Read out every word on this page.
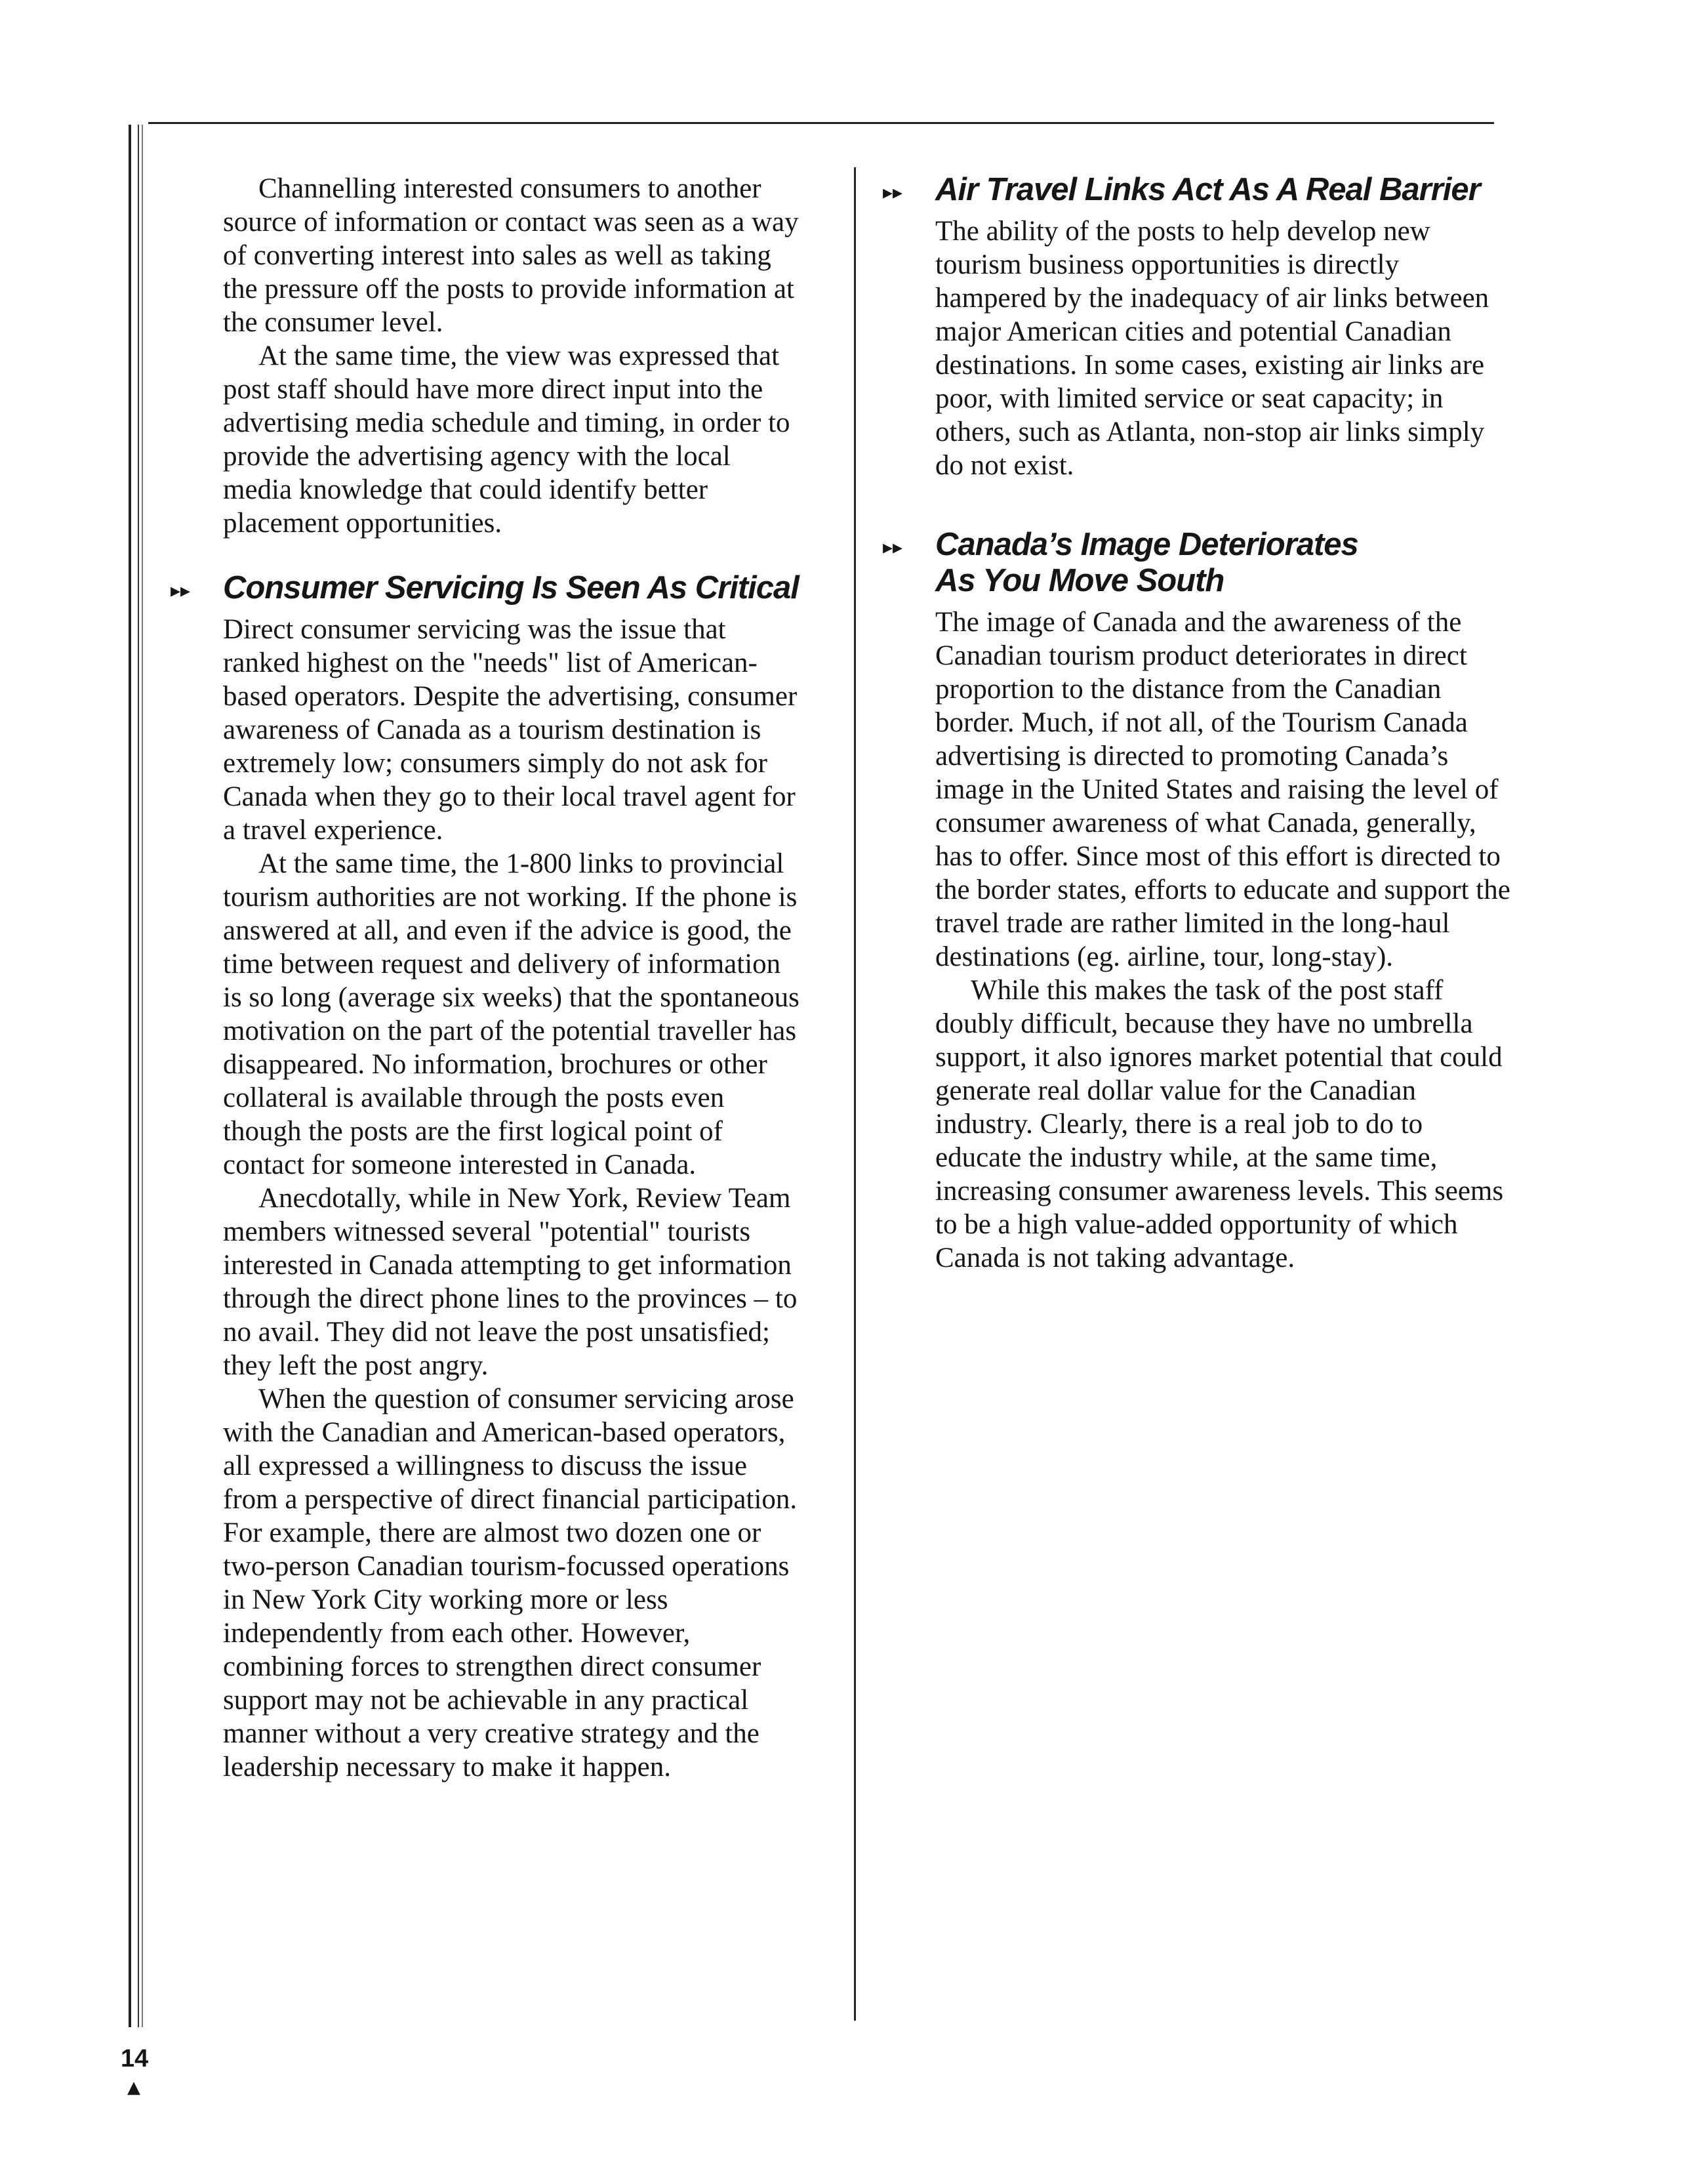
Channelling interested consumers to another source of information or contact was seen as a way of converting interest into sales as well as taking the pressure off the posts to provide information at the consumer level.

At the same time, the view was expressed that post staff should have more direct input into the advertising media schedule and timing, in order to provide the advertising agency with the local media knowledge that could identify better placement opportunities.

▸▸ Consumer Servicing Is Seen As Critical

Direct consumer servicing was the issue that ranked highest on the "needs" list of American-based operators. Despite the advertising, consumer awareness of Canada as a tourism destination is extremely low; consumers simply do not ask for Canada when they go to their local travel agent for a travel experience.

At the same time, the 1-800 links to provincial tourism authorities are not working. If the phone is answered at all, and even if the advice is good, the time between request and delivery of information is so long (average six weeks) that the spontaneous motivation on the part of the potential traveller has disappeared. No information, brochures or other collateral is available through the posts even though the posts are the first logical point of contact for someone interested in Canada.

Anecdotally, while in New York, Review Team members witnessed several "potential" tourists interested in Canada attempting to get information through the direct phone lines to the provinces – to no avail. They did not leave the post unsatisfied; they left the post angry.

When the question of consumer servicing arose with the Canadian and American-based operators, all expressed a willingness to discuss the issue from a perspective of direct financial participation. For example, there are almost two dozen one or two-person Canadian tourism-focussed operations in New York City working more or less independently from each other. However, combining forces to strengthen direct consumer support may not be achievable in any practical manner without a very creative strategy and the leadership necessary to make it happen.

▸▸ Air Travel Links Act As A Real Barrier

The ability of the posts to help develop new tourism business opportunities is directly hampered by the inadequacy of air links between major American cities and potential Canadian destinations. In some cases, existing air links are poor, with limited service or seat capacity; in others, such as Atlanta, non-stop air links simply do not exist.

▸▸ Canada’s Image Deteriorates
As You Move South

The image of Canada and the awareness of the Canadian tourism product deteriorates in direct proportion to the distance from the Canadian border. Much, if not all, of the Tourism Canada advertising is directed to promoting Canada’s image in the United States and raising the level of consumer awareness of what Canada, generally, has to offer. Since most of this effort is directed to the border states, efforts to educate and support the travel trade are rather limited in the long-haul destinations (eg. airline, tour, long-stay).

While this makes the task of the post staff doubly difficult, because they have no umbrella support, it also ignores market potential that could generate real dollar value for the Canadian industry. Clearly, there is a real job to do to educate the industry while, at the same time, increasing consumer awareness levels. This seems to be a high value-added opportunity of which Canada is not taking advantage.

14
▲
